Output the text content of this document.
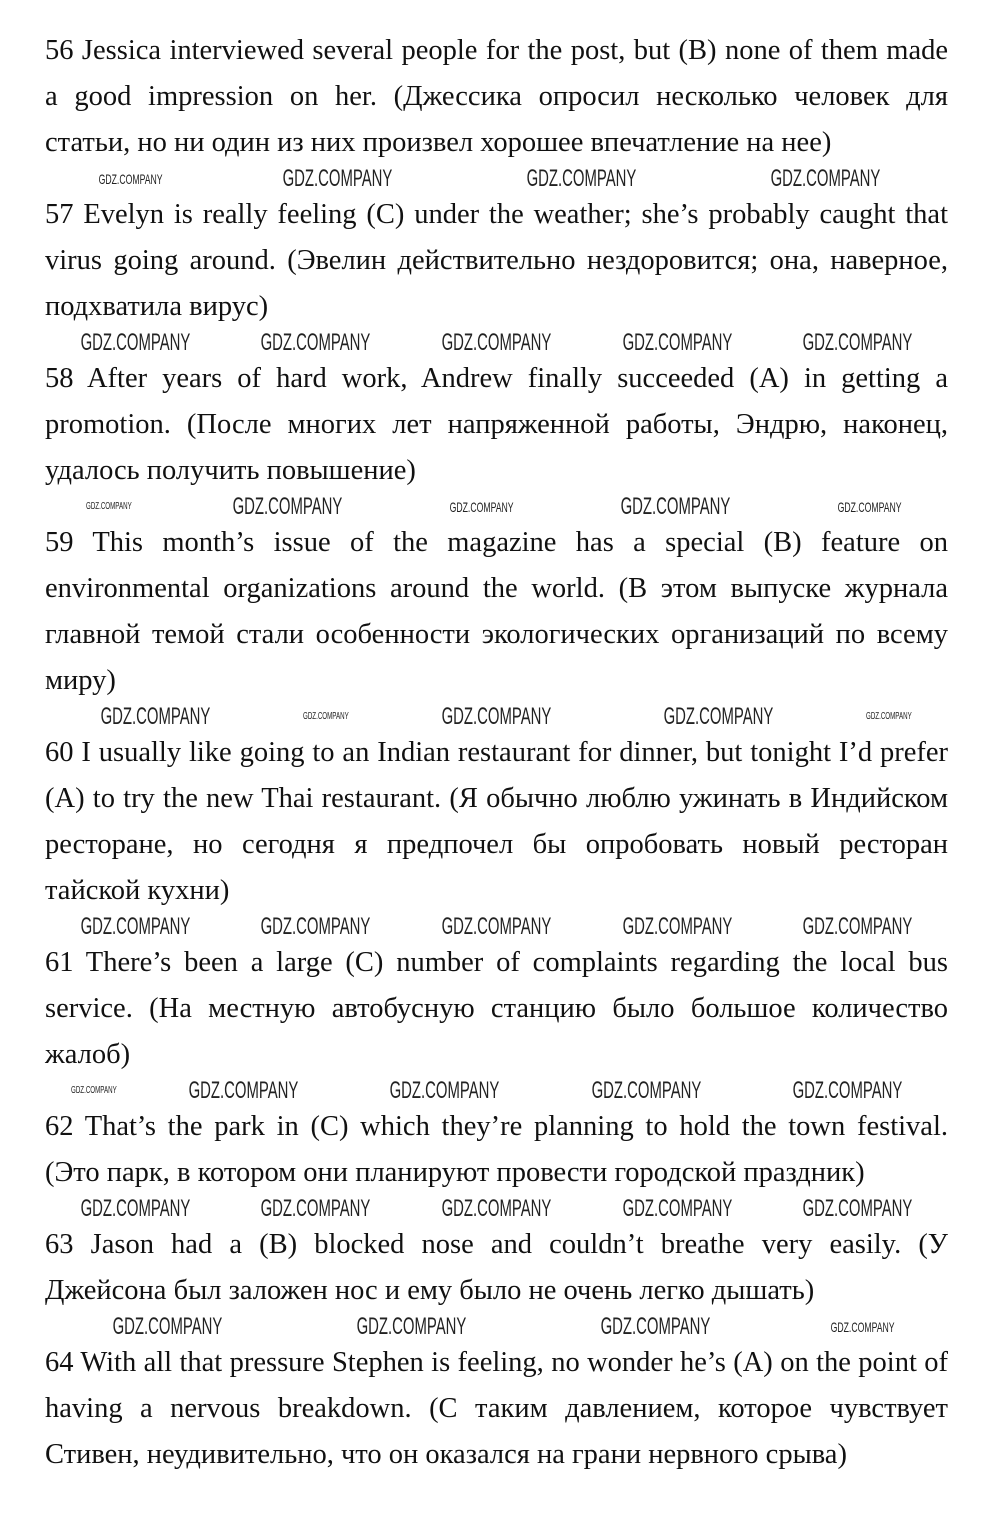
56 Jessica interviewed several people for the post, but (B) none of them made a good impression on her. (Джессика опросил несколько человек для статьи, но ни один из них произвел хорошее впечатление на нее)

GDZ.COMPANY	GDZ.COMPANY	GDZ.COMPANY	GDZ.COMPANY

57 Evelyn is really feeling (C) under the weather; she’s probably caught that virus going around. (Эвелин действительно нездоровится; она, наверное, подхватила вирус)

GDZ.COMPANY	GDZ.COMPANY	GDZ.COMPANY	GDZ.COMPANY	GDZ.COMPANY

58 After years of hard work, Andrew finally succeeded (A) in getting a promotion. (После многих лет напряженной работы, Эндрю, наконец, удалось получить повышение)

GDZ.COMPANY	GDZ.COMPANY	GDZ.COMPANY	GDZ.COMPANY	GDZ.COMPANY

59 This month’s issue of the magazine has a special (B) feature on environmental organizations around the world. (В этом выпуске журнала главной темой стали особенности экологических организаций по всему миру)

GDZ.COMPANY	GDZ.COMPANY	GDZ.COMPANY	GDZ.COMPANY	GDZ.COMPANY

60 I usually like going to an Indian restaurant for dinner, but tonight I’d prefer (A) to try the new Thai restaurant. (Я обычно люблю ужинать в Индийском ресторане, но сегодня я предпочел бы опробовать новый ресторан тайской кухни)

GDZ.COMPANY	GDZ.COMPANY	GDZ.COMPANY	GDZ.COMPANY	GDZ.COMPANY

61 There’s been a large (C) number of complaints regarding the local bus service. (На местную автобусную станцию было большое количество жалоб)

GDZ.COMPANY	GDZ.COMPANY	GDZ.COMPANY	GDZ.COMPANY	GDZ.COMPANY

62 That’s the park in (C) which they’re planning to hold the town festival. (Это парк, в котором они планируют провести городской праздник)

GDZ.COMPANY	GDZ.COMPANY	GDZ.COMPANY	GDZ.COMPANY	GDZ.COMPANY

63 Jason had a (B) blocked nose and couldn’t breathe very easily. (У Джейсона был заложен нос и ему было не очень легко дышать)

GDZ.COMPANY	GDZ.COMPANY	GDZ.COMPANY	GDZ.COMPANY

64 With all that pressure Stephen is feeling, no wonder he’s (A) on the point of having a nervous breakdown. (С таким давлением, которое чувствует Стивен, неудивительно, что он оказался на грани нервного срыва)
